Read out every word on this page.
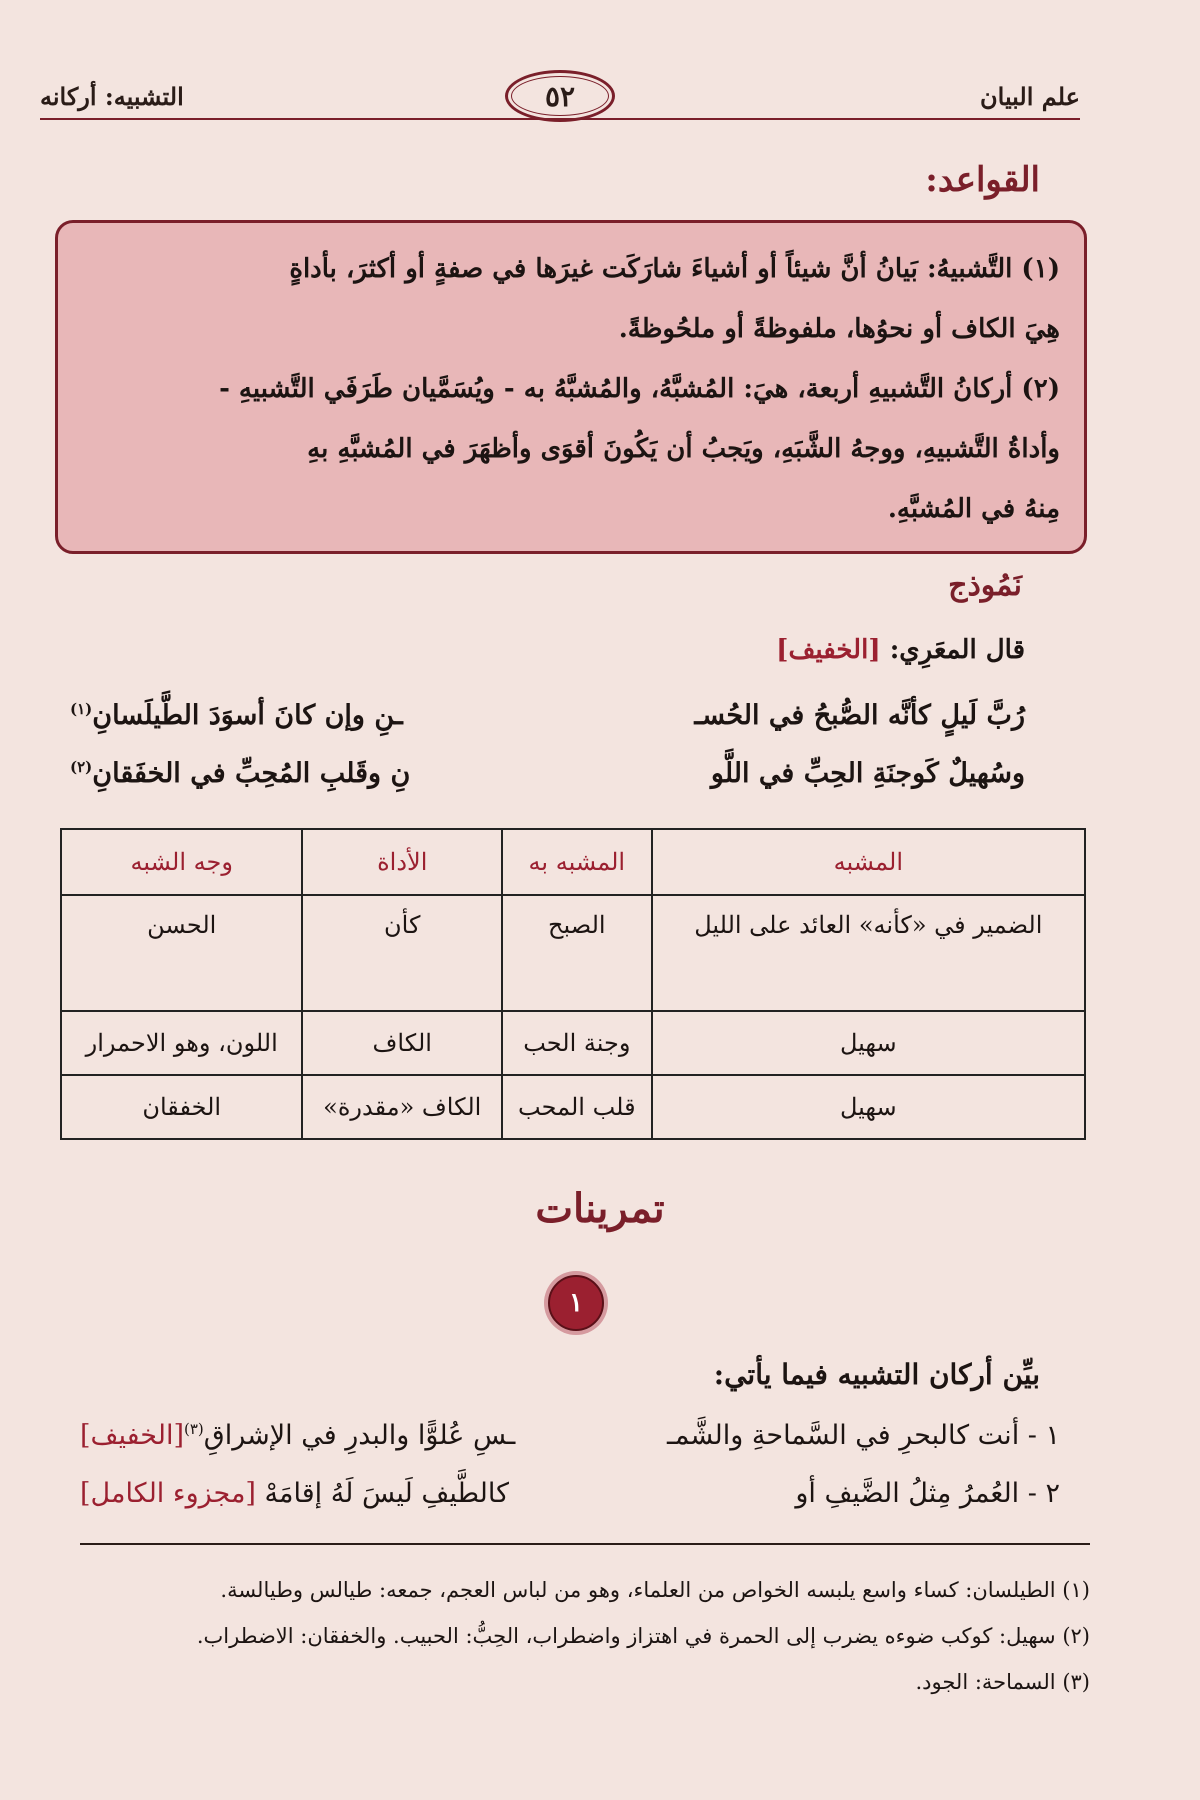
علم البيان
٥٢
التشبيه: أركانه
القواعد:
(١) التَّشبيهُ: بَيانُ أنَّ شيئاً أو أشياءَ شارَكَت غيرَها في صفةٍ أو أكثرَ، بأداةٍ
هِيَ الكاف أو نحوُها، ملفوظةً أو ملحُوظةً.
(٢) أركانُ التَّشبيهِ أربعة، هيَ: المُشبَّهُ، والمُشبَّهُ به - ويُسَمَّيان طَرَفَي التَّشبيهِ -
وأداةُ التَّشبيهِ، ووجهُ الشَّبَهِ، ويَجبُ أن يَكُونَ أقوَى وأظهَرَ في المُشبَّهِ بهِ
مِنهُ في المُشبَّهِ.
نَمُوذج
قال المعَرِي: [الخفيف]
رُبَّ لَيلٍ كأنَّه الصُّبحُ في الحُسـ
ـنِ وإن كانَ أسوَدَ الطَّيلَسانِ$^{(١)}$
وسُهيلٌ كَوجنَةِ الحِبِّ في اللَّو
نِ وقَلبِ المُحِبِّ في الخفَقانِ$^{(٢)}$
المشبه	المشبه به	الأداة	وجه الشبه
الضمير في «كأنه» العائد على الليل	الصبح	كأن	الحسن
سهيل	وجنة الحب	الكاف	اللون، وهو الاحمرار
سهيل	قلب المحب	الكاف «مقدرة»	الخفقان
تمرينات
١
بيِّن أركان التشبيه فيما يأتي:
١ - أنت كالبحرِ في السَّماحةِ والشَّمـ
ـسِ عُلوًّا والبدرِ في الإشراقِ$^{(٣)}$[الخفيف]
٢ - العُمرُ مِثلُ الضَّيفِ أو
كالطَّيفِ لَيسَ لَهُ إقامَهْ [مجزوء الكامل]
(١) الطيلسان: كساء واسع يلبسه الخواص من العلماء، وهو من لباس العجم، جمعه: طيالس وطيالسة.
(٢) سهيل: كوكب ضوءه يضرب إلى الحمرة في اهتزاز واضطراب، الحِبُّ: الحبيب. والخفقان: الاضطراب.
(٣) السماحة: الجود.
